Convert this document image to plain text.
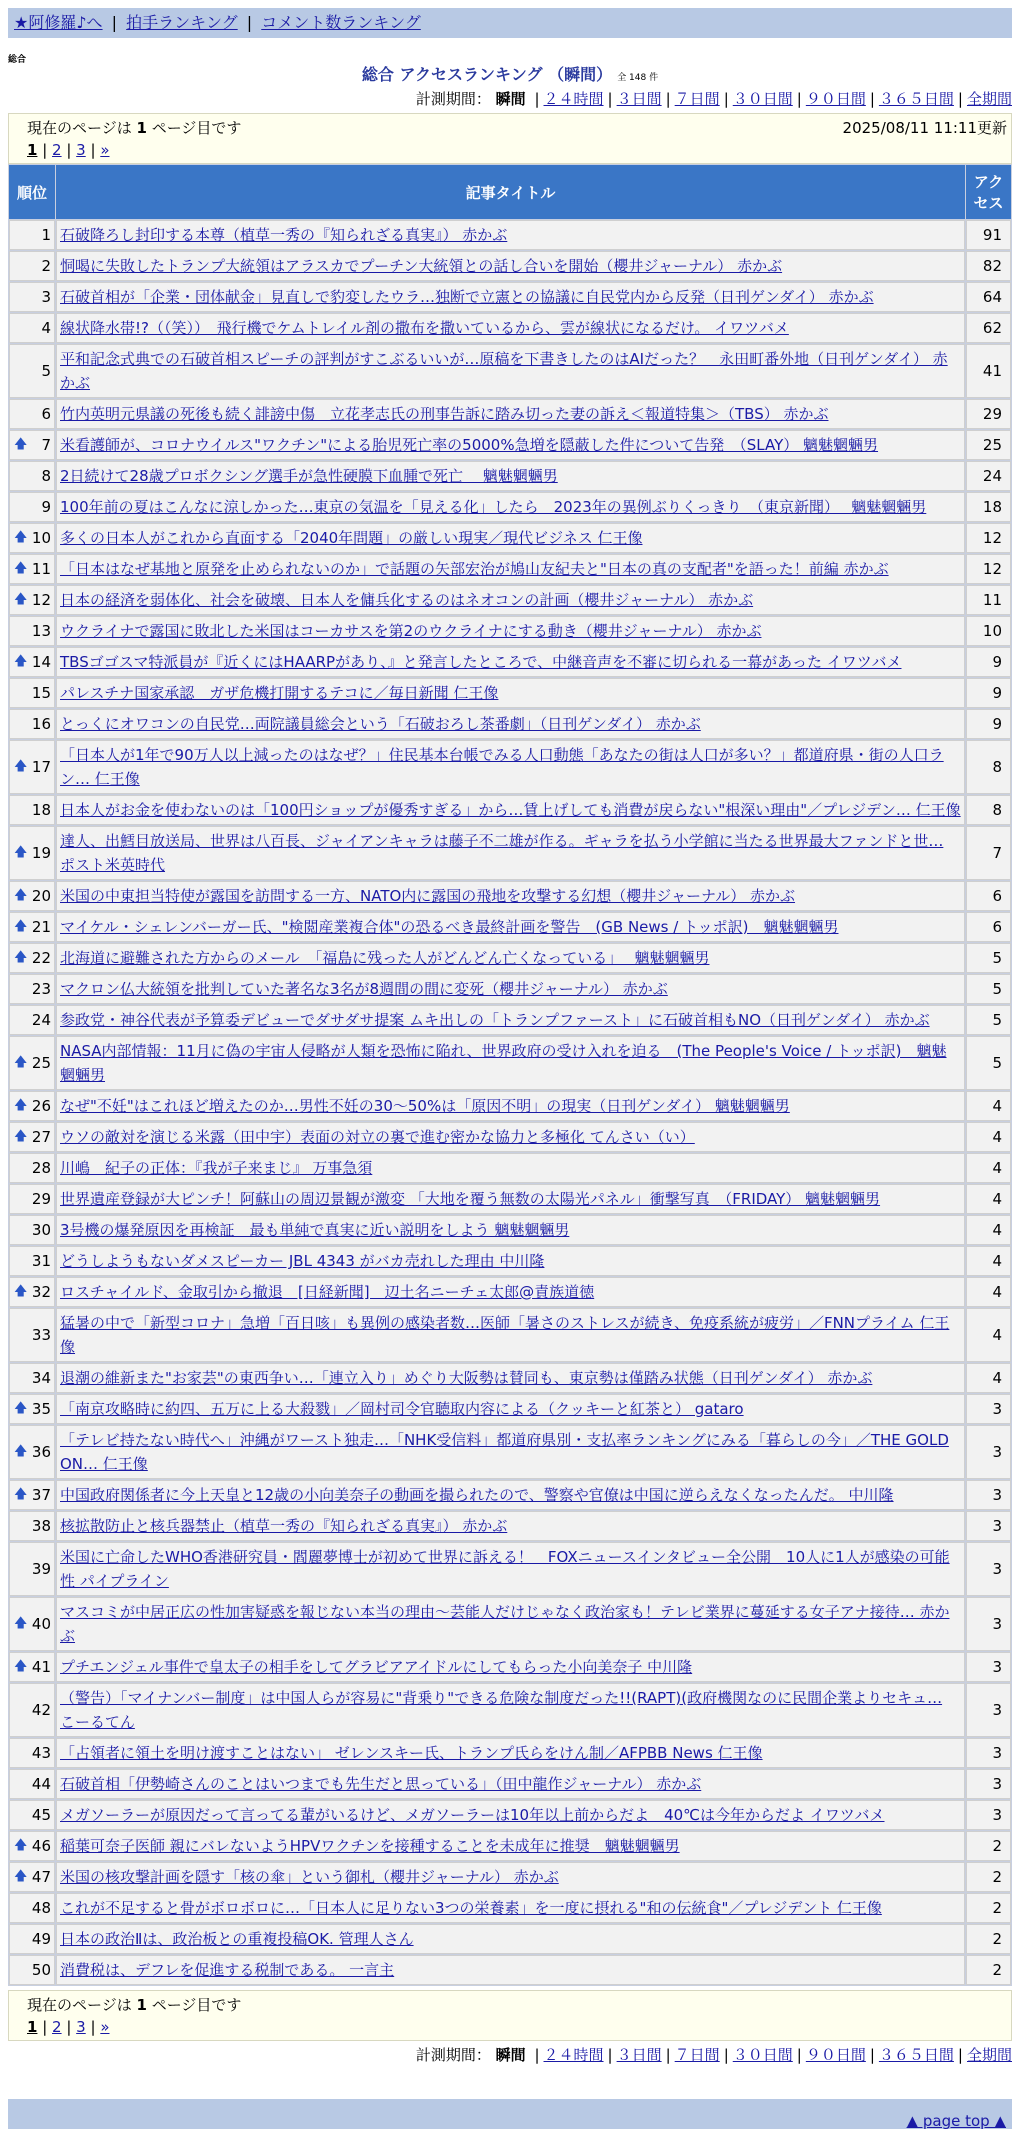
★阿修羅♪へ | 拍手ランキング | コメント数ランキング
総合
総合 アクセスランキング （瞬間） 全 148 件
計測期間： 瞬間 | ２４時間 | ３日間 | ７日間 | ３０日間 | ９０日間 | ３６５日間 | 全期間
現在のページは 1 ページ目です	2025/08/11 11:11更新
1 | 2 | 3 | »
順位	記事タイトル	アクセス
1	石破降ろし封印する本尊（植草一秀の『知られざる真実』） 赤かぶ	91
2	恫喝に失敗したトランプ大統領はアラスカでプーチン大統領との話し合いを開始（櫻井ジャーナル） 赤かぶ	82
3	石破首相が「企業・団体献金」見直しで豹変したウラ…独断で立憲との協議に自民党内から反発（日刊ゲンダイ） 赤かぶ	64
4	線状降水帯!?（（笑））　飛行機でケムトレイル剤の撒布を撒いているから、雲が線状になるだけ。 イワツバメ	62
5	平和記念式典での石破首相スピーチの評判がすこぶるいいが…原稿を下書きしたのはAIだった？　永田町番外地（日刊ゲンダイ） 赤かぶ	41
6	竹内英明元県議の死後も続く誹謗中傷　立花孝志氏の刑事告訴に踏み切った妻の訴え＜報道特集＞（TBS） 赤かぶ	29

🡅 7	米看護師が、コロナウイルス"ワクチン"による胎児死亡率の5000%急増を隠蔽した件について告発　（SLAY） 魑魅魍魎男	25
8	2日続けて28歳プロボクシング選手が急性硬膜下血腫で死亡　 魑魅魍魎男	24
9	100年前の夏はこんなに涼しかった…東京の気温を「見える化」したら　2023年の異例ぶりくっきり　（東京新聞）　 魑魅魍魎男	18

🡅 10	多くの日本人がこれから直面する「2040年問題」の厳しい現実／現代ビジネス 仁王像	12

🡅 11	「日本はなぜ基地と原発を止められないのか」で話題の矢部宏治が鳩山友紀夫と"日本の真の支配者"を語った！前編 赤かぶ	12

🡅 12	日本の経済を弱体化、社会を破壊、日本人を傭兵化するのはネオコンの計画（櫻井ジャーナル） 赤かぶ	11
13	ウクライナで露国に敗北した米国はコーカサスを第2のウクライナにする動き（櫻井ジャーナル） 赤かぶ	10

🡅 14	TBSゴゴスマ特派員が『近くにはHAARPがあり、』と発言したところで、中継音声を不審に切られる一幕があった イワツバメ	9
15	パレスチナ国家承認　ガザ危機打開するテコに／毎日新聞 仁王像	9
16	とっくにオワコンの自民党…両院議員総会という「石破おろし茶番劇」（日刊ゲンダイ） 赤かぶ	9

🡅 17	「日本人が1年で90万人以上減ったのはなぜ？」住民基本台帳でみる人口動態「あなたの街は人口が多い？」都道府県・街の人口ラン… 仁王像	8
18	日本人がお金を使わないのは「100円ショップが優秀すぎる」から…賃上げしても消費が戻らない"根深い理由"／プレジデン… 仁王像	8

🡅 19	達人、出鱈目放送局、世界は八百長、ジャイアンキャラは藤子不二雄が作る。ギャラを払う小学館に当たる世界最大ファンドと世… ポスト米英時代	7

🡅 20	米国の中東担当特使が露国を訪問する一方、NATO内に露国の飛地を攻撃する幻想（櫻井ジャーナル） 赤かぶ	6

🡅 21	マイケル・シェレンバーガー氏、"検閲産業複合体"の恐るべき最終計画を警告　(GB News / トッポ訳)　魑魅魍魎男	6

🡅 22	北海道に避難された方からのメール　「福島に残った人がどんどん亡くなっている」　 魑魅魍魎男	5
23	マクロン仏大統領を批判していた著名な3名が8週間の間に変死（櫻井ジャーナル） 赤かぶ	5
24	参政党・神谷代表が予算委デビューでダサダサ提案 ムキ出しの「トランプファースト」に石破首相もNO（日刊ゲンダイ） 赤かぶ	5

🡅 25	NASA内部情報：11月に偽の宇宙人侵略が人類を恐怖に陥れ、世界政府の受け入れを迫る　(The People's Voice / トッポ訳)　魑魅魍魎男	5

🡅 26	なぜ"不妊"はこれほど増えたのか…男性不妊の30～50%は「原因不明」の現実（日刊ゲンダイ） 魑魅魍魎男	4

🡅 27	ウソの敵対を演じる米露（田中宇）表面の対立の裏で進む密かな協力と多極化 てんさい（い）	4
28	川嶋　紀子の正体：『我が子来まじ』 万事急須	4
29	世界遺産登録が大ピンチ！阿蘇山の周辺景観が激変 「大地を覆う無数の太陽光パネル」衝撃写真　（FRIDAY） 魑魅魍魎男	4
30	3号機の爆発原因を再検証　最も単純で真実に近い説明をしよう 魑魅魍魎男	4
31	どうしようもないダメスピーカー JBL 4343 がバカ売れした理由 中川隆	4

🡅 32	ロスチャイルド、金取引から撤退　[日経新聞]　辺土名ニーチェ太郎@責族道徳	4
33	猛暑の中で「新型コロナ」急増「百日咳」も異例の感染者数…医師「暑さのストレスが続き、免疫系統が疲労」／FNNプライム 仁王像	4
34	退潮の維新また"お家芸"の東西争い…「連立入り」めぐり大阪勢は賛同も、東京勢は僅踏み状態（日刊ゲンダイ） 赤かぶ	4

🡅 35	「南京攻略時に約四、五万に上る大殺戮」／岡村司令官聴取内容による（クッキーと紅茶と） gataro	3

🡅 36	「テレビ持たない時代へ」沖縄がワースト独走…「NHK受信料」都道府県別・支払率ランキングにみる「暮らしの今」／THE GOLD ON… 仁王像	3

🡅 37	中国政府関係者に今上天皇と12歳の小向美奈子の動画を撮られたので、警察や官僚は中国に逆らえなくなったんだ。 中川隆	3
38	核拡散防止と核兵器禁止（植草一秀の『知られざる真実』） 赤かぶ	3
39	米国に亡命したWHO香港研究員・閻麗夢博士が初めて世界に訴える！　FOXニュースインタビュー全公開　10人に1人が感染の可能性 パイプライン	3

🡅 40	マスコミが中居正広の性加害疑惑を報じない本当の理由～芸能人だけじゃなく政治家も！テレビ業界に蔓延する女子アナ接待… 赤かぶ	3

🡅 41	プチエンジェル事件で皇太子の相手をしてグラビアアイドルにしてもらった小向美奈子 中川隆	3
42	（警告）「マイナンバー制度」は中国人らが容易に"背乗り"できる危険な制度だった!!(RAPT)(政府機関なのに民間企業よりセキュ… こーるてん	3
43	「占領者に領土を明け渡すことはない」 ゼレンスキー氏、トランプ氏らをけん制／AFPBB News 仁王像	3
44	石破首相「伊勢崎さんのことはいつまでも先生だと思っている」（田中龍作ジャーナル） 赤かぶ	3
45	メガソーラーが原因だって言ってる輩がいるけど、メガソーラーは10年以上前からだよ　40℃は今年からだよ イワツバメ	3

🡅 46	稲葉可奈子医師 親にバレないようHPVワクチンを接種することを未成年に推奨　魑魅魍魎男	2

🡅 47	米国の核攻撃計画を隠す「核の傘」という御札（櫻井ジャーナル） 赤かぶ	2
48	これが不足すると骨がボロボロに…「日本人に足りない3つの栄養素」を一度に摂れる"和の伝統食"／プレジデント 仁王像	2
49	日本の政治Ⅱは、政治板との重複投稿OK. 管理人さん	2
50	消費税は、デフレを促進する税制である。 一言主	2
現在のページは 1 ページ目です
1 | 2 | 3 | »
計測期間： 瞬間 | ２４時間 | ３日間 | ７日間 | ３０日間 | ９０日間 | ３６５日間 | 全期間
▲ page top ▲
